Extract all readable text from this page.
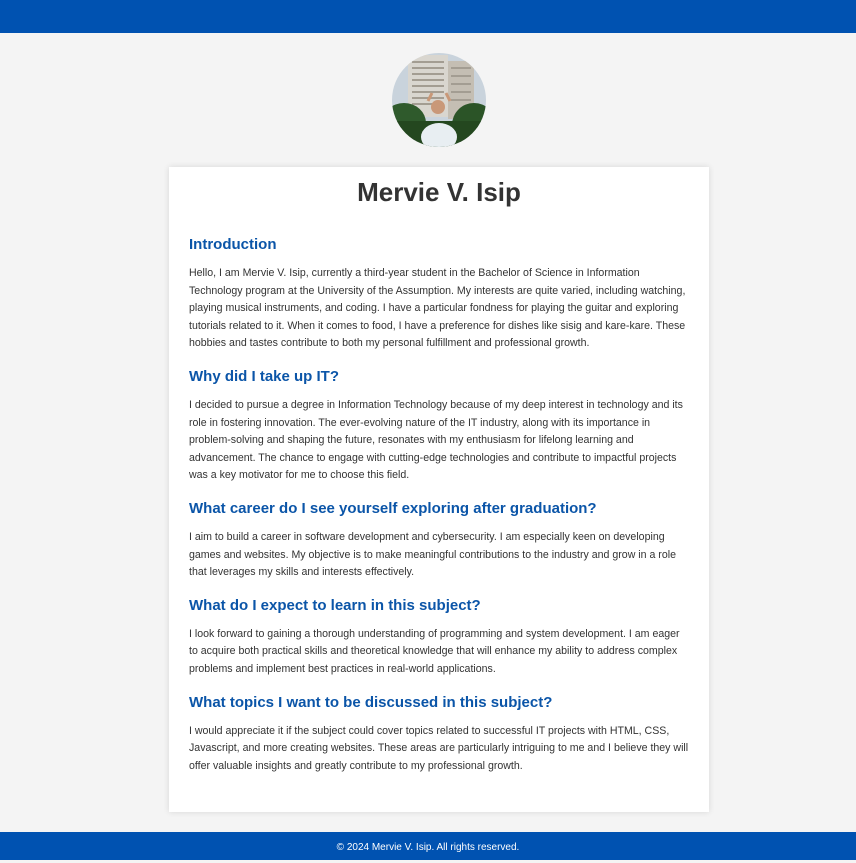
Mervie V. Isip
Introduction

Hello, I am Mervie V. Isip, currently a third-year student in the Bachelor of Science in Information Technology program at the University of the Assumption. My interests are quite varied, including watching, playing musical instruments, and coding. I have a particular fondness for playing the guitar and exploring tutorials related to it. When it comes to food, I have a preference for dishes like sisig and kare-kare. These hobbies and tastes contribute to both my personal fulfillment and professional growth.

Why did I take up IT?

I decided to pursue a degree in Information Technology because of my deep interest in technology and its role in fostering innovation. The ever-evolving nature of the IT industry, along with its importance in problem-solving and shaping the future, resonates with my enthusiasm for lifelong learning and advancement. The chance to engage with cutting-edge technologies and contribute to impactful projects was a key motivator for me to choose this field.

What career do I see yourself exploring after graduation?

I aim to build a career in software development and cybersecurity. I am especially keen on developing games and websites. My objective is to make meaningful contributions to the industry and grow in a role that leverages my skills and interests effectively.

What do I expect to learn in this subject?

I look forward to gaining a thorough understanding of programming and system development. I am eager to acquire both practical skills and theoretical knowledge that will enhance my ability to address complex problems and implement best practices in real-world applications.

What topics I want to be discussed in this subject?

I would appreciate it if the subject could cover topics related to successful IT projects with HTML, CSS, Javascript, and more creating websites. These areas are particularly intriguing to me and I believe they will offer valuable insights and greatly contribute to my professional growth.

© 2024 Mervie V. Isip. All rights reserved.
